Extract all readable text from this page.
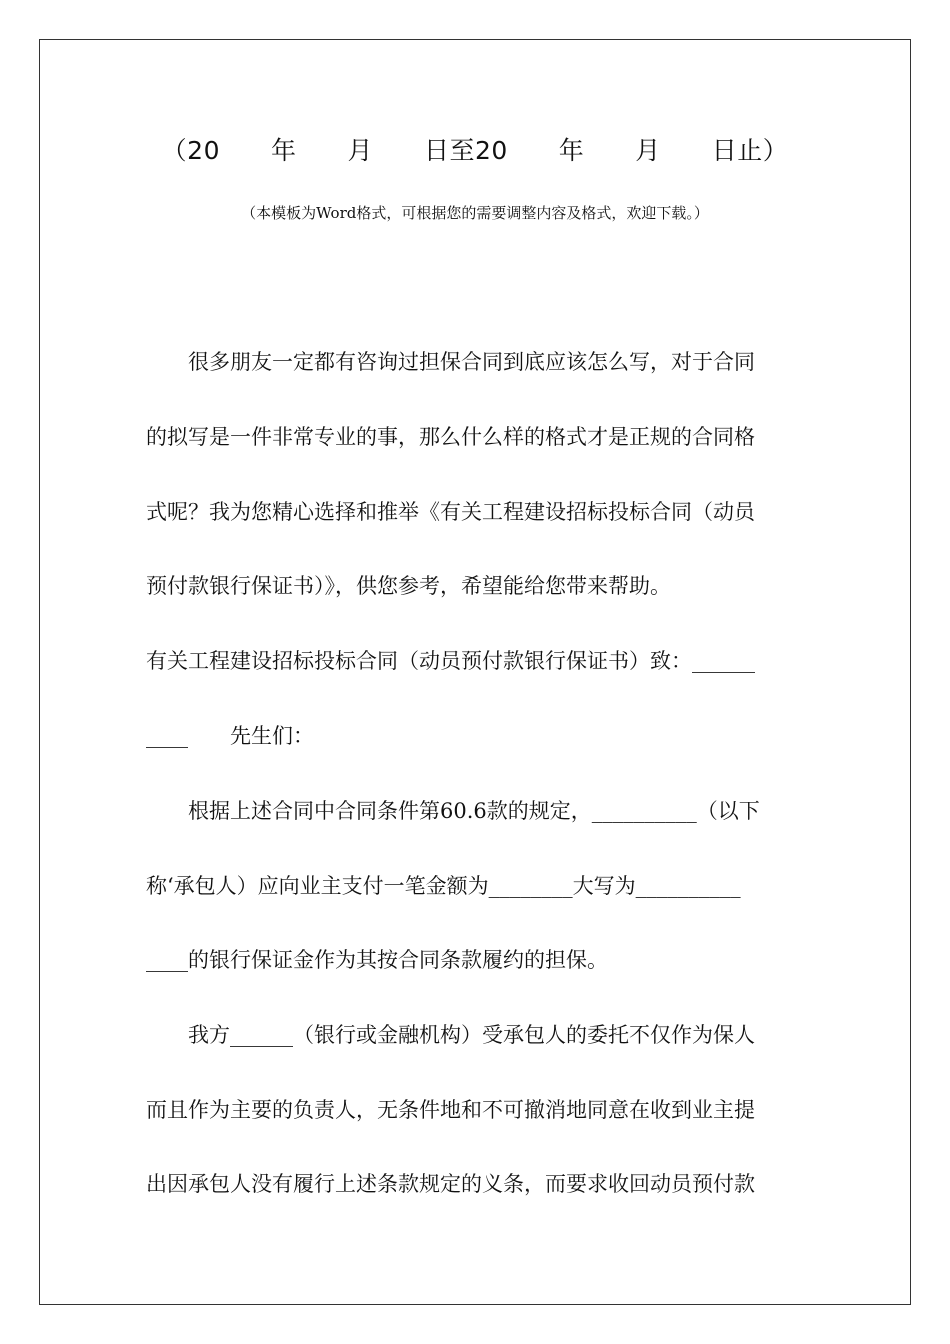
（20　　年　　月　　日至20　　年　　月　　日止）
（本模板为Word格式，可根据您的需要调整内容及格式，欢迎下载。）
很多朋友一定都有咨询过担保合同到底应该怎么写，对于合同
的拟写是一件非常专业的事，那么什么样的格式才是正规的合同格
式呢？我为您精心选择和推举《有关工程建设招标投标合同（动员
预付款银行保证书）》，供您参考，希望能给您带来帮助。
有关工程建设招标投标合同（动员预付款银行保证书）致：______
____　　先生们：
根据上述合同中合同条件第60.6款的规定，__________（以下
称‘承包人）应向业主支付一笔金额为________大写为__________
____的银行保证金作为其按合同条款履约的担保。
我方______（银行或金融机构）受承包人的委托不仅作为保人
而且作为主要的负责人，无条件地和不可撤消地同意在收到业主提
出因承包人没有履行上述条款规定的义条，而要求收回动员预付款
